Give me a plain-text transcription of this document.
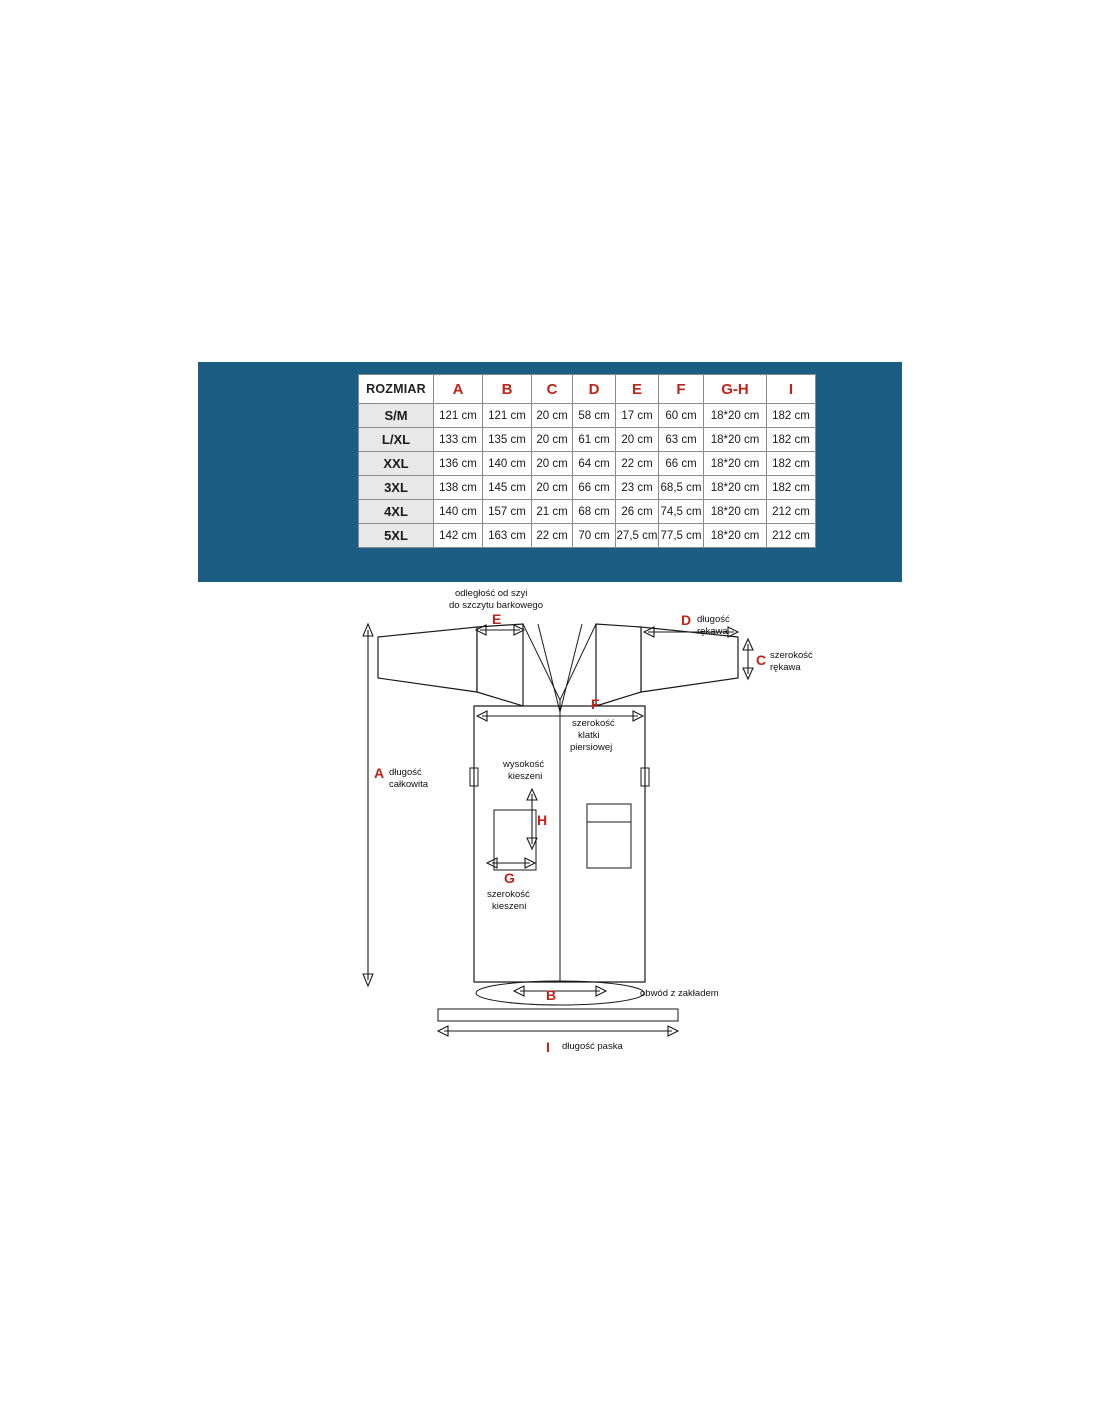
ROZMIAR	A	B	C	D	E	F	G-H	I
S/M	121 cm	121 cm	20 cm	58 cm	17 cm	60 cm	18*20 cm	182 cm
L/XL	133 cm	135 cm	20 cm	61 cm	20 cm	63 cm	18*20 cm	182 cm
XXL	136 cm	140 cm	20 cm	64 cm	22 cm	66 cm	18*20 cm	182 cm
3XL	138 cm	145 cm	20 cm	66 cm	23 cm	68,5 cm	18*20 cm	182 cm
4XL	140 cm	157 cm	21 cm	68 cm	26 cm	74,5 cm	18*20 cm	212 cm
5XL	142 cm	163 cm	22 cm	70 cm	27,5 cm	77,5 cm	18*20 cm	212 cm
A długość
całkowita
odległość od szyi
do szczytu barkowego
E	D długość
rękawa
C szerokość
rękawa
F
szerokość
klatki
piersiowej
wysokość
kieszeni
H
G
szerokość
kieszeni
B	obwód z zakładem
I długość paska
